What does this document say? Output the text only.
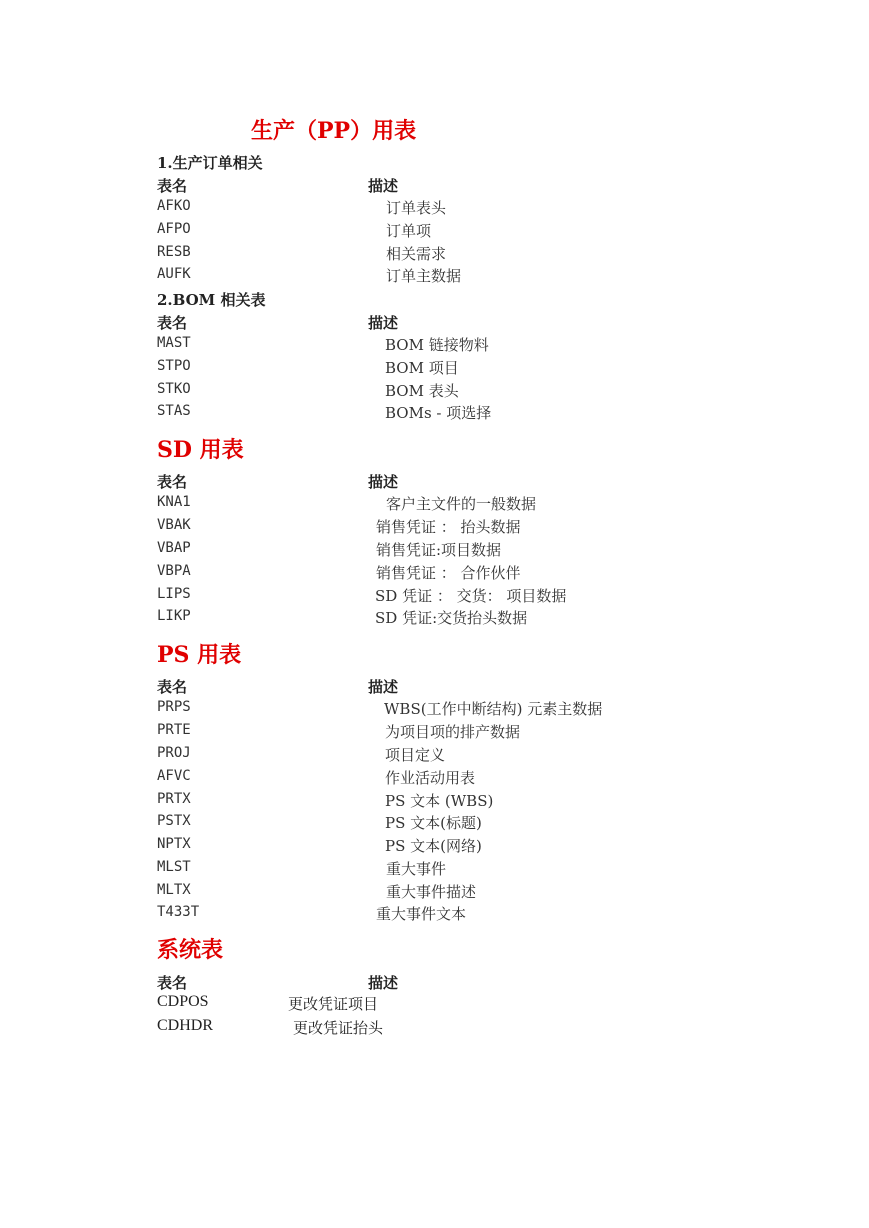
生产（PP）用表
1.生产订单相关
表名	描述
AFKO	订单表头
AFPO	订单项
RESB	相关需求
AUFK	订单主数据
2.BOM 相关表
表名	描述
MAST	BOM 链接物料
STPO	BOM 项目
STKO	BOM 表头
STAS	BOMs - 项选择
SD 用表
表名	描述
KNA1	客户主文件的一般数据
VBAK	销售凭证 ： 抬头数据
VBAP	销售凭证:项目数据
VBPA	销售凭证 ： 合作伙伴
LIPS	SD 凭证 ： 交货： 项目数据
LIKP	SD 凭证:交货抬头数据
PS 用表
表名	描述
PRPS	WBS(工作中断结构) 元素主数据
PRTE	为项目项的排产数据
PROJ	项目定义
AFVC	作业活动用表
PRTX	PS 文本 (WBS)
PSTX	PS 文本(标题)
NPTX	PS 文本(网络)
MLST	重大事件
MLTX	重大事件描述
T433T	重大事件文本
系统表
表名	描述
CDPOS	更改凭证项目
CDHDR	更改凭证抬头
